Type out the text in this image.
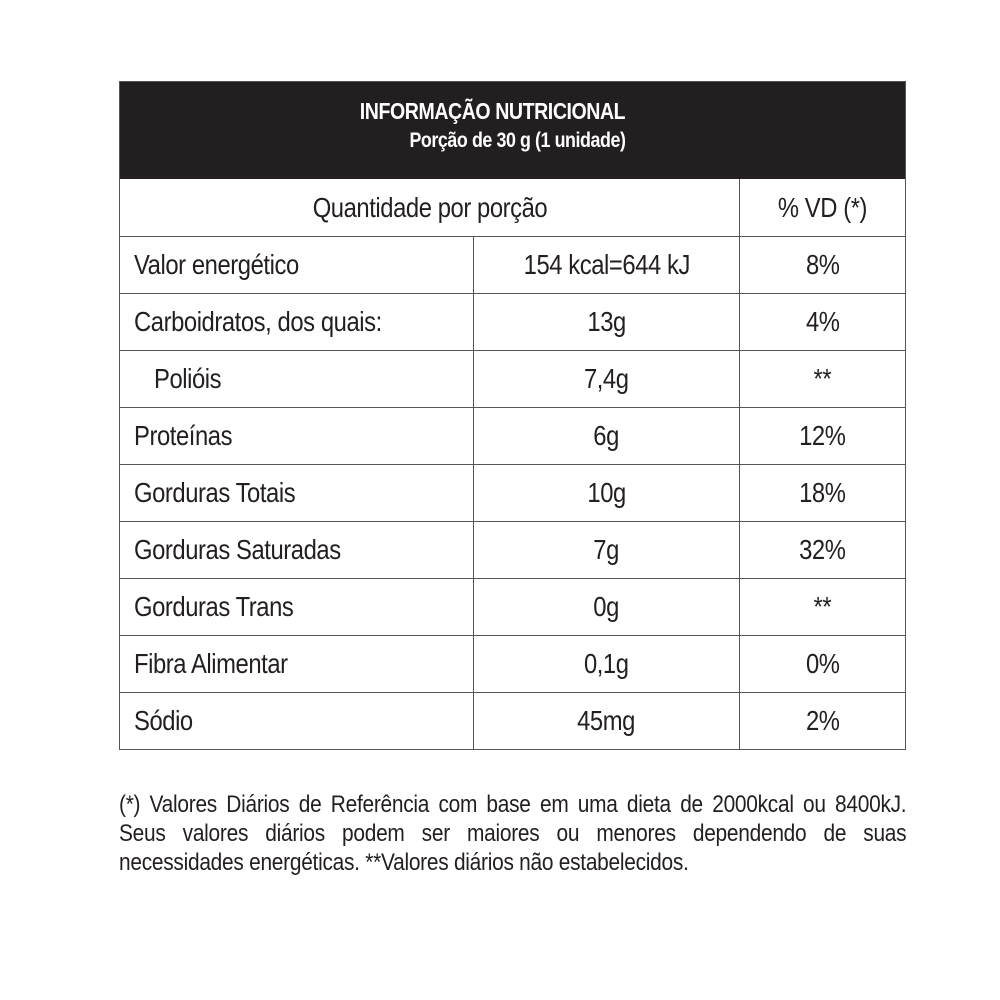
INFORMAÇÃO NUTRICIONAL
Porção de 30 g (1 unidade)
Quantidade por porção	% VD (*)
Valor energético	154 kcal=644 kJ	8%
Carboidratos, dos quais:	13g	4%
Polióis	7,4g	**
Proteínas	6g	12%
Gorduras Totais	10g	18%
Gorduras Saturadas	7g	32%
Gorduras Trans	0g	**
Fibra Alimentar	0,1g	0%
Sódio	45mg	2%

(*) Valores Diários de Referência com base em uma dieta de 2000kcal ou 8400kJ. Seus valores diários podem ser maiores ou menores dependendo de suas necessidades energéticas. **Valores diários não estabelecidos.
